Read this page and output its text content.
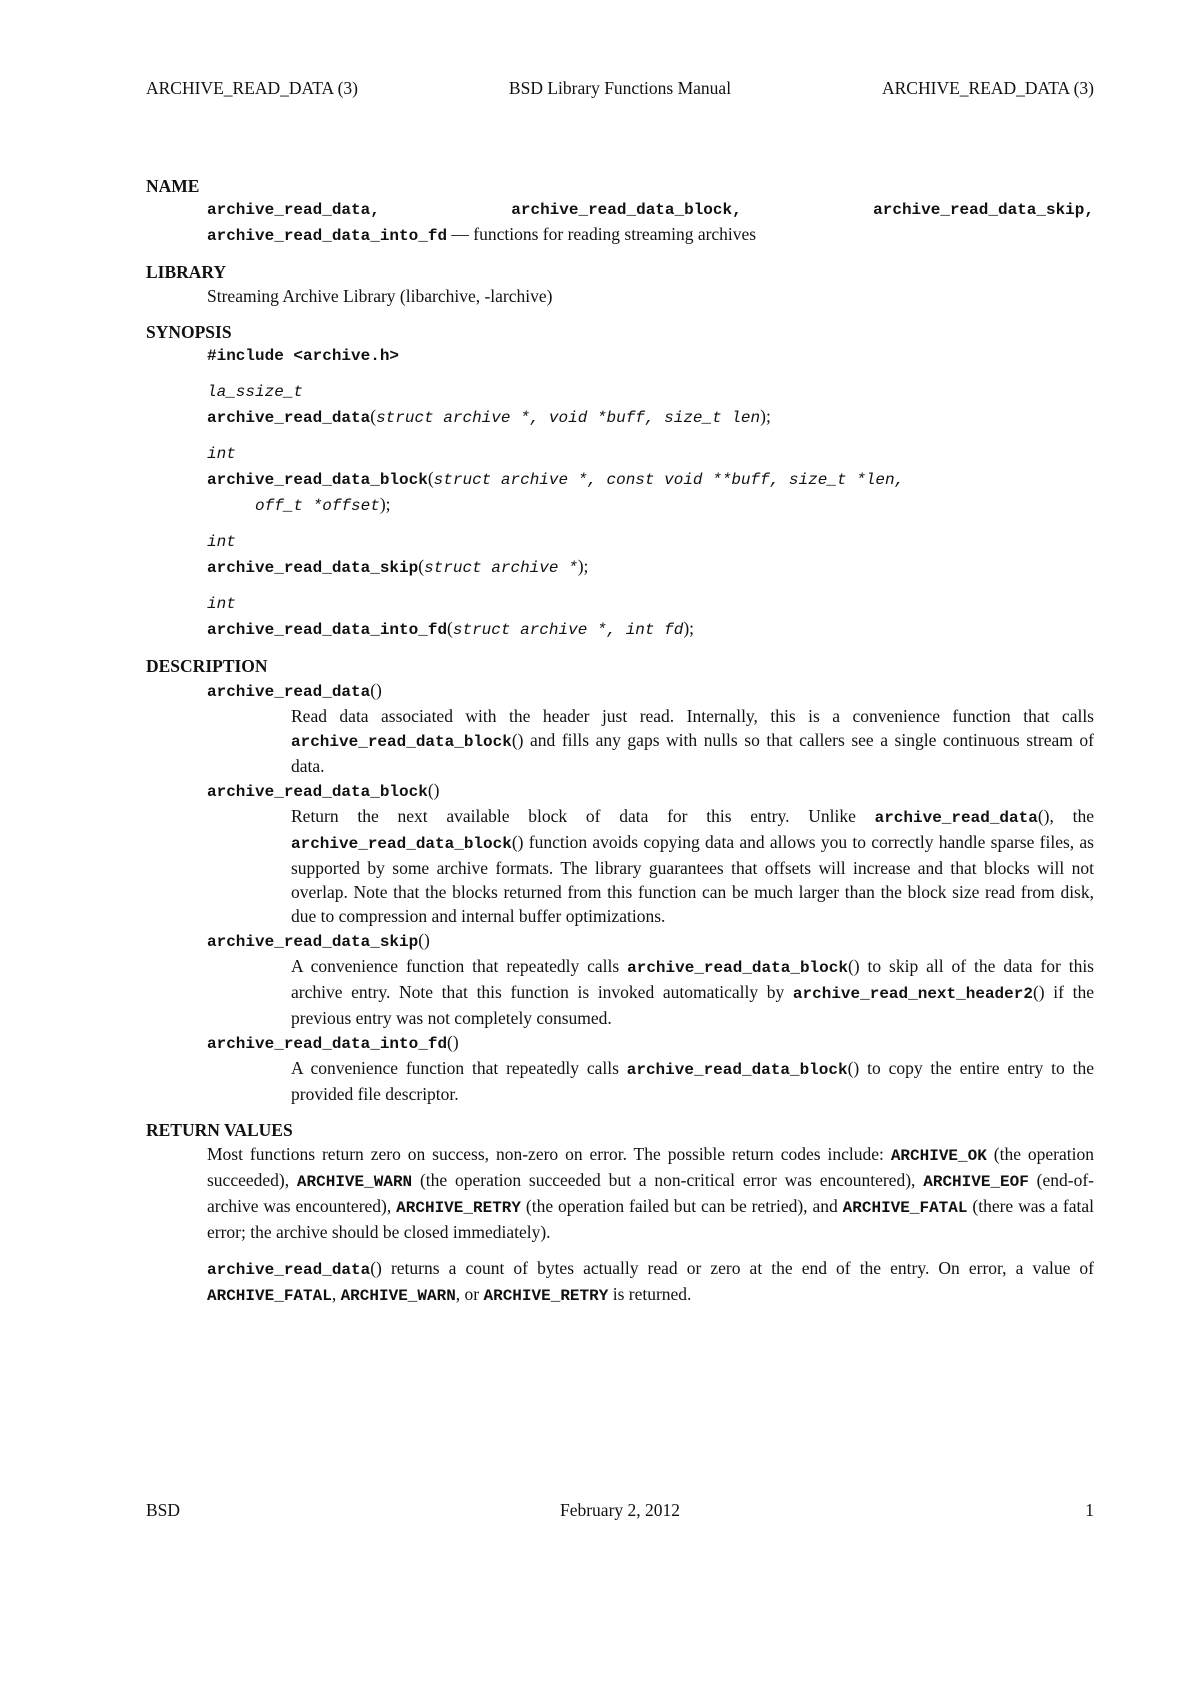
ARCHIVE_READ_DATA (3)	BSD Library Functions Manual	ARCHIVE_READ_DATA (3)
NAME
archive_read_data,	archive_read_data_block,	archive_read_data_skip,
archive_read_data_into_fd — functions for reading streaming archives
LIBRARY
Streaming Archive Library (libarchive, -larchive)
SYNOPSIS
#include <archive.h>
la_ssize_t
archive_read_data(struct archive *, void *buff, size_t len);
int
archive_read_data_block(struct archive *, const void **buff, size_t *len,
off_t *offset);
int
archive_read_data_skip(struct archive *);
int
archive_read_data_into_fd(struct archive *, int fd);
DESCRIPTION
archive_read_data()
Read data associated with the header just read. Internally, this is a convenience function that calls archive_read_data_block() and fills any gaps with nulls so that callers see a single continuous stream of data.
archive_read_data_block()
Return the next available block of data for this entry. Unlike archive_read_data(), the archive_read_data_block() function avoids copying data and allows you to correctly handle sparse files, as supported by some archive formats. The library guarantees that offsets will increase and that blocks will not overlap. Note that the blocks returned from this function can be much larger than the block size read from disk, due to compression and internal buffer optimizations.
archive_read_data_skip()
A convenience function that repeatedly calls archive_read_data_block() to skip all of the data for this archive entry. Note that this function is invoked automatically by archive_read_next_header2() if the previous entry was not completely consumed.
archive_read_data_into_fd()
A convenience function that repeatedly calls archive_read_data_block() to copy the entire entry to the provided file descriptor.
RETURN VALUES
Most functions return zero on success, non-zero on error. The possible return codes include: ARCHIVE_OK (the operation succeeded), ARCHIVE_WARN (the operation succeeded but a non-critical error was encountered), ARCHIVE_EOF (end-of-archive was encountered), ARCHIVE_RETRY (the operation failed but can be retried), and ARCHIVE_FATAL (there was a fatal error; the archive should be closed immediately).
archive_read_data() returns a count of bytes actually read or zero at the end of the entry. On error, a value of ARCHIVE_FATAL, ARCHIVE_WARN, or ARCHIVE_RETRY is returned.
BSD	February 2, 2012	1
